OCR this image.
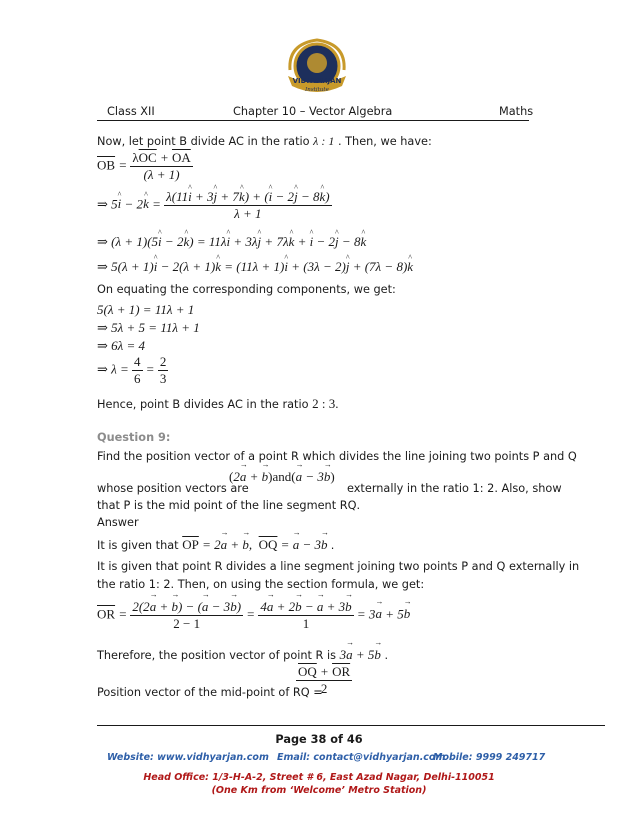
VIDHYARJAN
Institute
Class XII	Chapter 10 – Vector Algebra	Maths
Now, let point B divide AC in the ratio λ : 1 . Then, we have:
$\overline{OB} = \frac{\lambda\overline{OC} + \overline{OA}}{(\lambda + 1)}$
⇒ 5i ^ − 2k ^ = $\frac{\lambda(11i \^{} + 3j \^{} + 7k \^{}) + (i \^{} - 2j \^{} - 8k \^{})}{\lambda + 1}$
⇒ (λ + 1)(5i ^ − 2k ^) = 11λi ^ + 3λj ^ + 7λk ^ + i ^ − 2j ^ − 8k ^
⇒ 5(λ + 1)i ^ − 2(λ + 1)k ^ = (11λ + 1)i ^ + (3λ − 2)j ^ + (7λ − 8)k ^
On equating the corresponding components, we get:
5(λ + 1) = 11λ + 1
⇒ 5λ + 5 = 11λ + 1
⇒ 6λ = 4
⇒ $\lambda = \frac{4}{6} = \frac{2}{3}$
Hence, point B divides AC in the ratio 2 : 3.
Question 9:
Find the position vector of a point R which divides the line joining two points P and Q
(2a → + b →)and(a → − 3b →)
whose position vectors are	externally in the ratio 1: 2. Also, show
that P is the mid point of the line segment RQ.
Answer
It is given that $\overline{OP} = 2a$ → + b →,  $\overline{OQ} = a$ → − 3b → .
It is given that point R divides a line segment joining two points P and Q externally in
the ratio 1: 2. Then, on using the section formula, we get:
$\overline{OR} = \frac{2(2a \to + b \to) - (a \to - 3b \to)}{2 - 1} = \frac{4a \to + 2b \to - a \to + 3b \to}{1} = 3a$ → + 5b →
Therefore, the position vector of point R is 3a → + 5b → .
Position vector of the mid-point of RQ =
$\frac{\overline{OQ} + \overline{OR}}{2}$
Page 38 of 46
Website: www.vidhyarjan.com Email: contact@vidhyarjan.com
Mobile: 9999 249717
Head Office: 1/3-H-A-2, Street # 6, East Azad Nagar, Delhi-110051
(One Km from ‘Welcome’ Metro Station)
